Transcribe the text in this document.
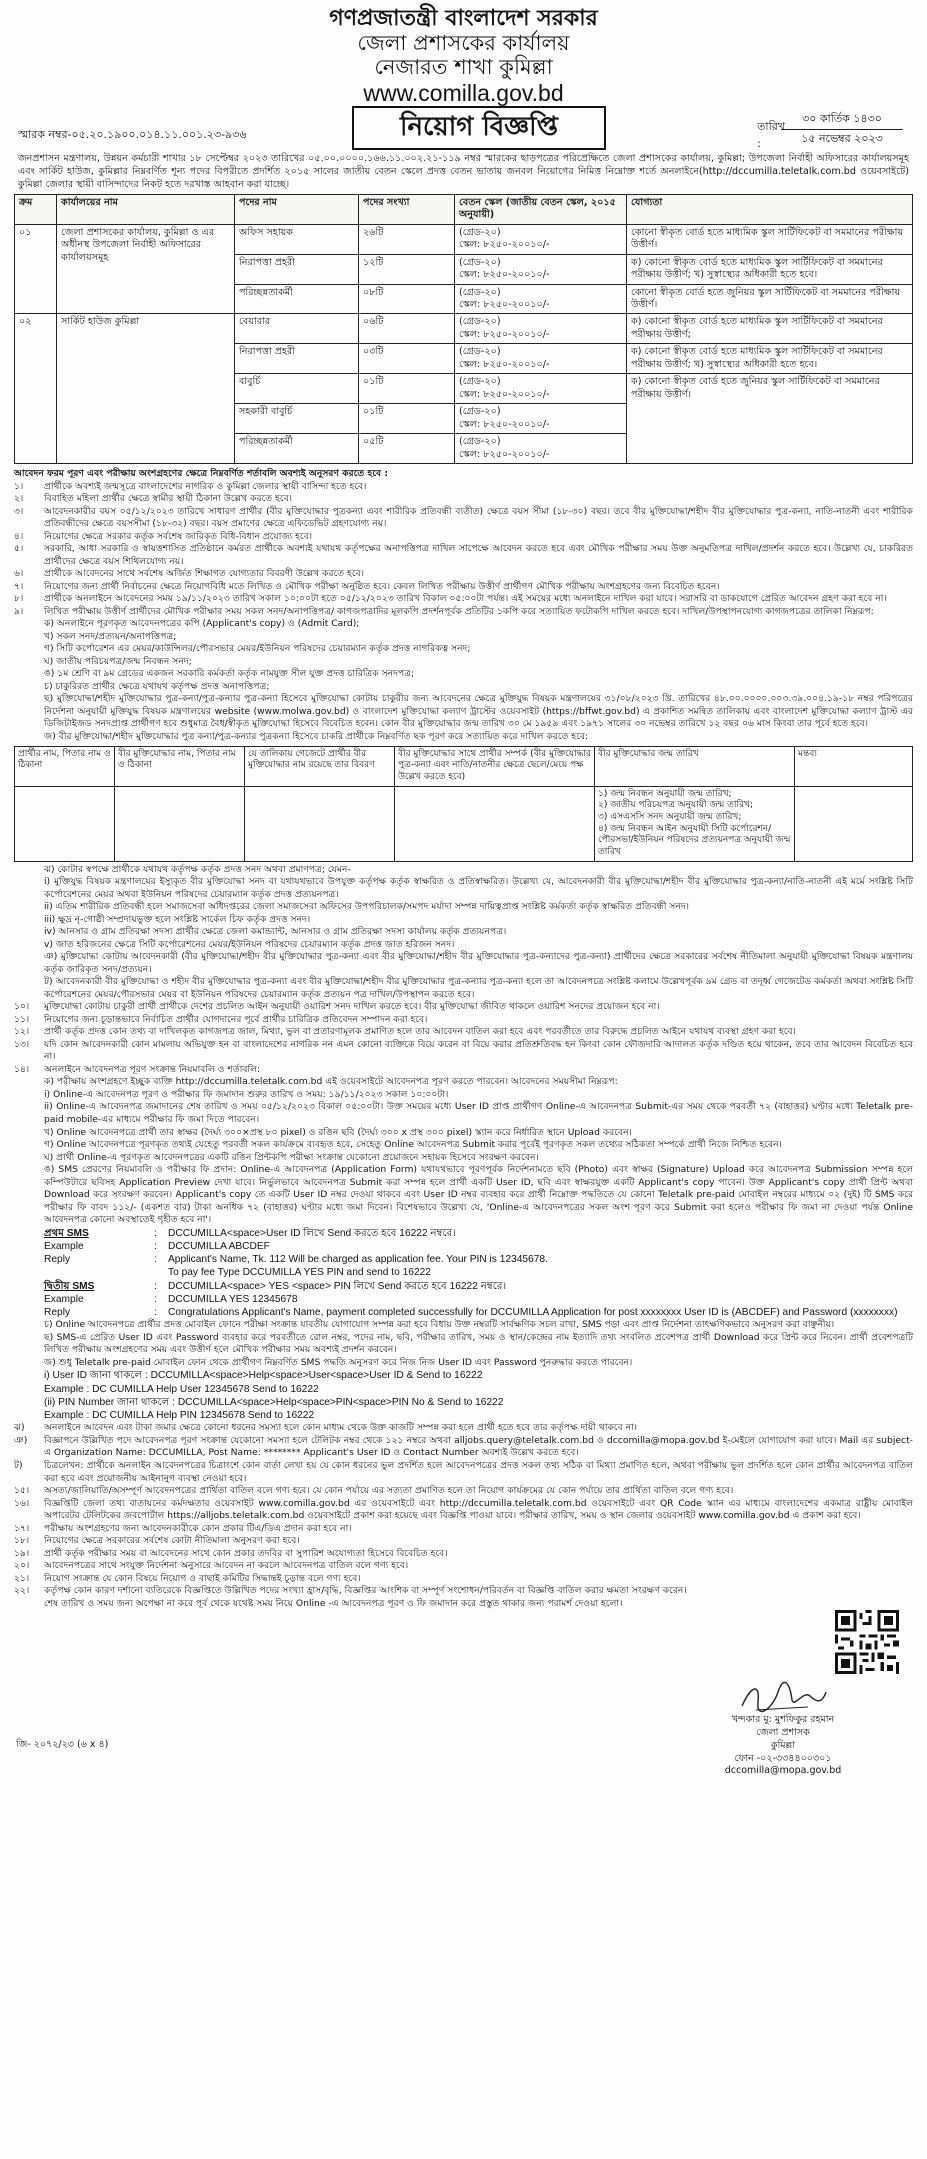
গণপ্রজাতন্ত্রী বাংলাদেশ সরকার
জেলা প্রশাসকের কার্যালয়
নেজারত শাখা কুমিল্লা
www.comilla.gov.bd
স্মারক নম্বর-০৫.২০.১৯০০.০১৪.১১.০০১.২৩-৯৩৬	নিয়োগ বিজ্ঞপ্তি	তারিখ :
৩০ কার্তিক ১৪৩০
১৫ নভেম্বর ২০২৩
জনপ্রশাসন মন্ত্রণালয়, উন্নয়ন কর্মচারী শাখার ১৮ সেপ্টেম্বর ২০২৩ তারিখের ০৫.০০.০০০০.১৬৬.১১.০০২.২১-১১৯ নম্বর স্মারকের ছাড়পত্রের পরিপ্রেক্ষিতে জেলা প্রশাসকের কার্যালয়, কুমিল্লা; উপজেলা নির্বাহী অফিসারের কার্যালয়সমূহ এবং সার্কিট হাউজ, কুমিল্লার নিম্নবর্ণিত শূন্য পদের বিপরীতে প্রদর্শিত ২০১৫ সালের জাতীয় বেতন স্কেলে প্রদত্ত বেতন ভাতায় জনবল নিয়োগের নিমিত্ত নিম্নোক্ত শর্তে অনলাইনে(http://dccumilla.teletalk.com.bd ওয়েবসাইটে) কুমিল্লা জেলার স্থায়ী বাসিন্দাদের নিকট হতে দরখাস্ত আহবান করা যাচ্ছে।
ক্রম	কার্যালয়ের নাম	পদের নাম	পদের সংখ্যা	বেতন স্কেল (জাতীয় বেতন স্কেল, ২০১৫ অনুযায়ী)	যোগ্যতা
০১	জেলা প্রশাসকের কার্যালয়, কুমিল্লা ও এর অধীনস্থ উপজেলা নির্বাহী অফিসারের কার্যালয়সমূহ	অফিস সহায়ক	২৬টি	(গ্রেড-২০)
স্কেল: ৮২৫০-২০০১০/-	কোনো স্বীকৃত বোর্ড হতে মাধ্যমিক স্কুল সার্টিফিকেট বা সমমানের পরীক্ষায় উত্তীর্ণ।
		নিরাপত্তা প্রহরী	১২টি	(গ্রেড-২০)
স্কেল: ৮২৫০-২০০১০/-	ক) কোনো স্বীকৃত বোর্ড হতে মাধ্যমিক স্কুল সার্টিফিকেট বা সমমানের পরীক্ষায় উত্তীর্ণ; খ) সুস্বাস্থ্যের অধিকারী হতে হবে।
		পরিচ্ছন্নতাকর্মী	০৮টি	(গ্রেড-২০)
স্কেল: ৮২৫০-২০০১০/-	কোনো স্বীকৃত বোর্ড হতে জুনিয়র স্কুল সার্টিফিকেট বা সমমানের পরীক্ষায় উত্তীর্ণ।
০২	সার্কিট হাউজ কুমিল্লা	বেয়ারার	০৬টি	(গ্রেড-২০)
স্কেল: ৮২৫০-২০০১০/-	ক) কোনো স্বীকৃত বোর্ড হতে মাধ্যমিক স্কুল সার্টিফিকেট বা সমমানের পরীক্ষায় উত্তীর্ণ;
		নিরাপত্তা প্রহরী	০৩টি	(গ্রেড-২০)
স্কেল: ৮২৫০-২০০১০/-	ক) কোনো স্বীকৃত বোর্ড হতে মাধ্যমিক স্কুল সার্টিফিকেট বা সমমানের পরীক্ষায় উত্তীর্ণ; খ) সুস্বাস্থ্যের অধিকারী হতে হবে।
		বাবুর্চি	০১টি	(গ্রেড-২০)
স্কেল: ৮২৫০-২০০১০/-	ক) কোনো স্বীকৃত বোর্ড হতে জুনিয়র স্কুল সার্টিফিকেট বা সমমানের পরীক্ষায় উত্তীর্ণ।
		সহকারী বাবুর্চি	০১টি	(গ্রেড-২০)
স্কেল: ৮২৫০-২০০১০/-	

		পরিচ্ছন্নতাকর্মী	০৫টি	(গ্রেড-২০)
স্কেল: ৮২৫০-২০০১০/-	
আবেদন ফরম পূরণ এবং পরীক্ষায় অংশগ্রহণের ক্ষেত্রে নিম্নবর্ণিত শর্তাবলি অবশ্যই অনুসরণ করতে হবে :
১।	প্রার্থীকে অবশ্যই জন্মসূত্রে বাংলাদেশের নাগরিক ও কুমিল্লা জেলার স্থায়ী বাসিন্দা হতে হবে।
২।	বিবাহিত মহিলা প্রার্থীর ক্ষেত্রে স্বামীর স্থায়ী ঠিকানা উল্লেখ করতে হবে।
৩।	আবেদনকারীর বয়স ০৫/১২/২০২৩ তারিখে সাধারণ প্রার্থীর (বীর মুক্তিযোদ্ধার পুত্রকন্যা এবং শারীরিক প্রতিবন্ধী ব্যতীত) ক্ষেত্রে বয়স সীমা (১৮-৩০) বছর। তবে বীর মুক্তিযোদ্ধা/শহীদ বীর মুক্তিযোদ্ধার পুত্র-কন্যা, নাতি-নাতনী এবং শারীরিক প্রতিবন্ধীদের ক্ষেত্রে বয়সসীমা (১৮-৩২) বছর। বয়স প্রমাণের ক্ষেত্রে এফিডেভিট গ্রহণযোগ্য নয়।
৪।	নিয়োগের ক্ষেত্রে সরকার কর্তৃক সর্বশেষ জারিকৃত বিধি-বিধান প্রযোজ্য হবে।
৫।	সরকারি, আধা সরকারি ও স্বায়ত্তশাসিত প্রতিষ্ঠানে কর্মরত প্রার্থীকে অবশ্যই যথাযথ কর্তৃপক্ষের অনাপত্তিপত্র দাখিল সাপেক্ষে আবেদন করতে হবে এবং মৌখিক পরীক্ষার সময় উক্ত অনুমতিপত্র দাখিল/প্রদর্শন করতে হবে। উল্লেখ্য যে, চাকরিরত প্রার্থীদের ক্ষেত্রে বয়স শিথিলযোগ্য নয়।
৬।	প্রার্থীকে আবেদনের সাথে সর্বশেষ অর্জিত শিক্ষাগত যোগ্যতার বিবরণী উল্লেখ করতে হবে।
৭।	নিয়োগের জন্য প্রার্থী নির্বাচনের ক্ষেত্রে নিয়োগবিধি মতে লিখিত ও মৌখিক পরীক্ষা অনুষ্ঠিত হবে। কেবল লিখিত পরীক্ষায় উত্তীর্ণ প্রার্থীগণ মৌখিক পরীক্ষায় অংশগ্রহণের জন্য বিবেচিত হবেন।
৮।	প্রার্থীকে অনলাইনে আবেদনের সময় ১৯/১১/২০২৩ তারিখ সকাল ১০:০০টা হতে ০৫/১২/২০২৩ তারিখ বিকাল ০৫:০০টা পর্যন্ত। এই সময়ের মধ্যে অনলাইনে দাখিল করা যাবে। সরাসরি বা ডাকযোগে প্রেরিত আবেদন গ্রহণ করা হবে না।
৯।	লিখিত পরীক্ষায় উত্তীর্ণ প্রার্থীদের মৌখিক পরীক্ষার সময় সকল সনদ/অনাপত্তিপত্র/ কাগজপত্রাদির মূলকপি প্রদর্শনপূর্বক প্রতিটির ১কপি করে সত্যায়িত ফটোকপি দাখিল করতে হবে। দাখিল/উপস্থাপনযোগ্য কাগজপত্রের তালিকা নিম্নরূপ:
ক) অনলাইনে পূরণকৃত আবেদনপত্রের কপি (Applicant's copy) ও (Admit Card);
খ) সকল সনদ/প্রত্যয়ন/অনাপত্তিপত্র;
গ) সিটি কর্পোরেশন এর মেয়র/কাউন্সিলর/পৌরসভার মেয়র/ইউনিয়ন পরিষদের চেয়ারম্যান কর্তৃক প্রদত্ত নাগরিকত্ব সনদ;
ঘ) জাতীয় পরিচয়পত্র/জন্ম নিবন্ধন সনদ;
ঙ) ১ম শ্রেণি বা ৯ম গ্রেডের একজন সরকারি কর্মকর্তা কর্তৃক নামযুক্ত সীল যুক্ত প্রদত্ত চারিত্রিক সনদপত্র;
চ) চাকুরিরত প্রার্থীর ক্ষেত্রে যথাযথ কর্তৃপক্ষ প্রদত্ত অনাপত্তিপত্র;
ছ) মুক্তিযোদ্ধা/শহীদ মুক্তিযোদ্ধার পুত্র-কন্যা/পুত্র-কন্যার পুত্র-কন্যা হিসেবে মুক্তিযোদ্ধা কোটায় চাকুরীর জন্য আবেদনের ক্ষেত্রে মুক্তিযুদ্ধ বিষয়ক মন্ত্রণালয়ের ৩১/০৮/২০২৩ খ্রি. তারিখের ৪৮.০০.০০০০.০০৩.৩৯.০০৪.১৯-১৮ নম্বর পরিপত্রের নির্দেশনা অনুযায়ী মুক্তিযুদ্ধ বিষয়ক মন্ত্রণালয়ের website (www.molwa.gov.bd) ও বাংলাদেশ মুক্তিযোদ্ধা কল্যাণ ট্রাস্টের ওয়েবসাইট (https://bffwt.gov.bd) এ প্রকাশিত সমন্বিত তালিকায় এবং বাংলাদেশ মুক্তিযোদ্ধা কল্যাণ ট্রাস্ট এর ডিজিটাইজড সনদপ্রাপ্ত প্রার্থীগণ হবে শুধুমাত্র বৈধ/স্বীকৃত মুক্তিযোদ্ধা হিসেবে বিবেচিত হবেন। কোন বীর মুক্তিযোদ্ধার জন্ম তারিখ ৩০ মে ১৯৫৯ এবং ১৯৭১ সালের ৩০ নভেম্বর তারিখে ১২ বছর ০৬ মাস কিংবা তার পূর্বে হতে হবে।
জ) বীর মুক্তিযোদ্ধা/শহীদ মুক্তিযোদ্ধার পুত্র কন্যা/পুত্র-কন্যার পুত্রকন্যা হিসেবে চাকরি প্রার্থীকে নিম্নবর্ণিত ছক পূরণ করে সত্যায়িত করে দাখিল করতে হবে:
প্রার্থীর নাম, পিতার নাম ও ঠিকানা	বীর মুক্তিযোদ্ধার নাম, পিতার নাম ও ঠিকানা	যে তালিকায় গেজেটে প্রার্থীর বীর মুক্তিযোদ্ধার নাম রয়েছে তার বিবরণ	বীর মুক্তিযোদ্ধার সাথে প্রার্থীর সম্পর্ক (বীর মুক্তিযোদ্ধার পুত্র-কন্যা এবং নাতি/নাতনীর ক্ষেত্রে ছেলে/মেয়ে পক্ষ উল্লেখ করতে হবে)	বীর মুক্তিযোদ্ধার জন্ম তারিখ	মন্তব্য

				১) জন্ম নিবন্ধন অনুযায়ী জন্ম তারিখ;
২) জাতীয় পরিচয়পত্র অনুযায়ী জন্ম তারিখ;
৩) এসএসসি সনদ অনুযায়ী জন্ম তারিখ;
৪) জন্ম নিবন্ধন আইন অনুযায়ী সিটি কর্পোরেশন/পৌরসভা/ইউনিয়ন পরিষদের প্রত্যয়নপত্র অনুযায়ী জন্ম তারিখ	

ঝ) কোটার স্বপক্ষে প্রার্থীকে যথাযথ কর্তৃপক্ষ কর্তৃক প্রদত্ত সনদ অথবা প্রমাণপত্র; যেমন-
i) মুক্তিযুদ্ধ বিষয়ক মন্ত্রণালয়ের ইস্যুকৃত বীর মুক্তিযোদ্ধা সনদ বা যথাযথভাবে উপযুক্ত কর্তৃপক্ষ কর্তৃক স্বাক্ষরিত ও প্রতিস্বাক্ষরিত। উল্লেখ্য যে, আবেদনকারী বীর মুক্তিযোদ্ধা/শহীদ বীর মুক্তিযোদ্ধার পুত্র-কন্যা/নাতি-নাতনী এই মর্মে সংশ্লিষ্ট সিটি কর্পোরেশনের মেয়র অথবা ইউনিয়ন পরিষদের চেয়ারম্যান কর্তৃক প্রদত্ত প্রত্যয়নপত্র।
ii) এতিম শারীরিক প্রতিবন্ধী হলে সমাজসেবা অধিদপ্তরের জেলা সমাজসেবা অফিসের উপপরিচালক/সমপদ মর্যাদা সম্পন্ন দায়িত্বপ্রাপ্ত সংশ্লিষ্ট কর্মকর্তা কর্তৃক স্বাক্ষরিত প্রতিবন্ধী সনদ।
iii) ক্ষুদ্র নৃ-গোষ্ঠী সম্প্রদায়ভুক্ত হলে সংশ্লিষ্ট সার্কেল চিফ কর্তৃক প্রদত্ত সনদ।
iv) আনসার ও গ্রাম প্রতিরক্ষা সদস্য প্রার্থীর ক্ষেত্রে জেলা কমান্ড্যান্ট, আনসার ও গ্রাম প্রতিরক্ষা সদস্য কার্যালয় কর্তৃক প্রত্যয়নপত্র।
v) জাত হরিজনের ক্ষেত্রে সিটি কর্পোরেশনের মেয়র/ইউনিয়ন পরিষদের চেয়ারম্যান কর্তৃক প্রদত্ত জাত হরিজন সনদ।
ঞ) মুক্তিযোদ্ধা কোটায় আবেদনকারী (বীর মুক্তিযোদ্ধা/শহীদ বীর মুক্তিযোদ্ধার পুত্র-কন্যা এবং বীর মুক্তিযোদ্ধা/শহীদ বীর মুক্তিযোদ্ধার পুত্র-কন্যাদের পুত্র-কন্যা) প্রার্থীদের ক্ষেত্রে সরকারের সর্বশেষ নীতিমালা অনুযায়ী মুক্তিযোদ্ধা বিষয়ক মন্ত্রণালয় কর্তৃক জারিকৃত সনদ/প্রত্যয়ন।
ট) আবেদনকারী বীর মুক্তিযোদ্ধা ও শহীদ বীর মুক্তিযোদ্ধার পুত্র-কন্যা এবং বীর মুক্তিযোদ্ধা/শহীদ বীর মুক্তিযোদ্ধার পুত্র-কন্যার পুত্র-কন্যা হলে তা আবেদনপত্রে সংশ্লিষ্ট কলামে উল্লেখপূর্বক ৯ম গ্রেড বা তদূর্ধ্ব গেজেটেড কর্মকর্তা অথবা সংশ্লিষ্ট সিটি কর্পোরেশনের মেয়র/পৌরসভার মেয়র বা ইউনিয়ন পরিষদের চেয়ারম্যান কর্তৃক প্রত্যয়ন পত্র দাখিল/উপস্থাপন করতে হবে।
১০।	মুক্তিযোদ্ধা কোটায় চাকুরী প্রার্থী প্রার্থীকে দেশের প্রচলিত আইন অনুযায়ী ওয়ারিশ সনদ দাখিল করতে হবে। বীর মুক্তিযোদ্ধা জীবিত থাকলে ওয়ারিশ সনদের প্রয়োজন হবে না।
১১।	নিয়োগের জন্য চূড়ান্তভাবে নির্বাচিত প্রার্থীর যোগদানের পূর্বে প্রার্থীর চারিত্রিক প্রতিবেদন সম্পাদন করা হবে।
১২।	প্রার্থী কর্তৃক প্রদত্ত কোন তথ্য বা দাখিলকৃত কাগজপত্র জাল, মিথ্যা, ভুল বা প্রতারণামূলক প্রমাণিত হলে তার আবেদন বাতিল করা হবে এবং পরবর্তীতে তার বিরুদ্ধে প্রচলিত আইনে যথাযথ ব্যবস্থা গ্রহণ করা হবে।
১৩।	যদি কোন আবেদনকারী কোন মামলায় অভিযুক্ত হন বা বাংলাদেশের নাগরিক নন এমন কোনো ব্যক্তিকে বিয়ে করেন বা বিয়ে করার প্রতিশ্রুতিবদ্ধ হন কিংবা কোন ফৌজদারি আদালত কর্তৃক দণ্ডিত হয়ে থাকেন, তবে তার আবেদন বিবেচিত হবে না।
১৪।	অনলাইনে আবেদনপত্র পূরণ সংক্রান্ত নিয়মাবলি ও শর্তাবলি:
ক) পরীক্ষায় অংশগ্রহণে ইচ্ছুক ব্যক্তি http://dccumilla.teletalk.com.bd এই ওয়েবসাইটে আবেদনপত্র পূরণ করতে পারবেন। আবেদনের সময়সীমা নিম্নরূপ:
i) Online-এ আবেদনপত্র পূরণ ও পরীক্ষার ফি জমাদান শুরুর তারিখ ও সময়: ১৯/১১/২০২৩ সকাল ১০:০০টা।
ii) Online-এ আবেদনপত্র জমাদানের শেষ তারিখ ও সময় ০৫/১২/২০২৩ বিকাল ০৫:০০টা। উক্ত সময়ের মধ্যে User ID প্রাপ্ত প্রার্থীগণ Online-এ আবেদনপত্র Submit-এর সময় থেকে পরবর্তী ৭২ (বাহাত্তর) ঘণ্টার মধ্যে Teletalk pre-paid mobile-এর মাধ্যমে পরীক্ষার ফি জমা দিতে পারবেন।
খ) Online আবেদনপত্রে প্রার্থী তার স্বাক্ষর (দৈর্ঘ্য ৩০০×প্রস্থ ৮০ pixel) ও রঙিন ছবি (দৈর্ঘ্য ৩০০ x প্রস্থ ৩০০ pixel) স্ক্যান করে নির্ধারিত স্থানে Upload করবেন।
গ) Online আবেদনপত্রে পূরণকৃত তথ্যই যেহেতু পরবর্তী সকল কার্যক্রমে ব্যবহৃত হবে, সেহেতু Online আবেদনপত্র Submit করার পূর্বেই পূরণকৃত সকল তথ্যের সঠিকতা সম্পর্কে প্রার্থী নিজে নিশ্চিত হবেন।
ঘ) প্রার্থী Online-এ পূরণকৃত আবেদনপত্রের একটি রঙিন প্রিন্টকপি পরীক্ষা সংক্রান্ত যেকোনো প্রয়োজনে সহায়ক হিসেবে সংরক্ষণ করবেন।
ঙ) SMS প্রেরণের নিয়মাবলি ও পরীক্ষার ফি প্রদান: Online-এ আবেদনপত্র (Application Form) যথাযথভাবে পূরণপূর্বক নির্দেশনামতে ছবি (Photo) এবং স্বাক্ষর (Signature) Upload করে আবেদনপত্র Submission সম্পন্ন হলে কম্পিউটারে ছবিসহ Application Preview দেখা যাবে। নির্ভুলভাবে আবেদনপত্র Submit করা সম্পন্ন হলে প্রার্থী একটি User ID, ছবি এবং স্বাক্ষরযুক্ত একটি Applicant's copy পাবেন। উক্ত Applicant's copy প্রার্থী প্রিন্ট অথবা Download করে সংরক্ষণ করবেন। Applicant's copy তে একটি User ID নম্বর দেওয়া থাকবে এবং User ID নম্বর ব্যবহার করে প্রার্থী নিম্নোক্ত পদ্ধতিতে যে কোনো Teletalk pre-paid মোবাইল নম্বরের মাধ্যমে ০২ (দুই) টি SMS করে পরীক্ষার ফি বাবদ ১১২/- (একশত বার) টাকা অনধিক ৭২ (বাহাত্তর) ঘণ্টার মধ্যে জমা দিবেন। বিশেষভাবে উল্লেখ্য যে, 'Online-এ আবেদনপত্রের সকল অংশ পূরণ করে Submit করা হলেও পরীক্ষার ফি জমা না দেওয়া পর্যন্ত Online আবেদনপত্র কোনো অবস্থাতেই গৃহীত হবে না'।
প্রথম SMS	:	DCCUMILLA<space>User ID লিখে Send করতে হবে 16222 নম্বরে।
Example	:	DCCUMILLA ABCDEF
Reply	:	Applicant's Name, Tk. 112 Will be charged as application fee. Your PIN is 12345678.
To pay fee Type DCCUMILLA YES PIN and send to 16222
দ্বিতীয় SMS	:	DCCUMILLA<space> YES <space> PIN লিখে Send করতে হবে 16222 নম্বরে।
Example	:	DCCUMILLA YES 12345678
Reply	:	Congratulations Applicant's Name, payment completed successfully for DCCUMILLA Application for post xxxxxxxx User ID is (ABCDEF) and Password (xxxxxxxx)
চ) Online আবেদনপত্রে প্রার্থীর প্রদত্ত মোবাইল ফোনে পরীক্ষা সংক্রান্ত যাবতীয় যোগাযোগ সম্পন্ন করা হবে বিধায় উক্ত নম্বরটি সার্বক্ষণিক সচল রাখা, SMS পড়া এবং প্রাপ্ত নির্দেশনা তাৎক্ষণিকভাবে অনুসরণ করা বাঞ্ছনীয়।
ছ) SMS-এ প্রেরিত User ID এবং Password ব্যবহার করে পরবর্তীতে রোল নম্বর, পদের নাম, ছবি, পরীক্ষার তারিখ, সময় ও স্থান/কেন্দ্রের নাম ইত্যাদি তথ্য সংবলিত প্রবেশপত্র প্রার্থী Download করে প্রিন্ট করে নিবেন। প্রার্থী প্রবেশপত্রটি লিখিত পরীক্ষায় অংশগ্রহণের সময় এবং উত্তীর্ণ হলে মৌখিক পরীক্ষার সময় অবশ্যই প্রদর্শন করবেন।
জ) শুধু Teletalk pre-paid মোবাইল ফোন থেকে প্রার্থীগণ নিম্নবর্ণিত SMS পদ্ধতি অনুসরণ করে নিজ নিজ User ID এবং Password পুনরুদ্ধার করতে পারবেন।
i) User ID জানা থাকলে : DCCUMILLA<space>Help<space>User<space>User ID & Send to 16222
Example : DC CUMILLA Help User 12345678 Send to 16222
(ii) PIN Number জানা থাকলে : DCCUMILLA<space>Help<space>PIN<space>PIN No & Send to 16222
Example : DC CUMILLA Help PIN 12345678 Send to 16222
ঝ)	অনলাইনে আবেদন এবং টাকা জমার ক্ষেত্রে কোনো ধরনের সমস্যা হলে কোন মাধ্যম থেকে উক্ত কাজটি সম্পন্ন করা হলে প্রার্থী হতে হবে তার কর্তৃপক্ষ দায়ী থাকবে না।
ঞ)	বিজ্ঞাপনে উল্লিখিত পদে আবেদনপত্র পূরণ সংক্রান্ত যেকোনো সমস্যা হলে টেলিটক নম্বর থেকে ১২১ নম্বরে অথবা alljobs.query@teletalk.com.bd ও dccomilla@mopa.gov.bd ই-মেইলে যোগাযোগ করা যাবে। Mail এর subject- এ Organization Name: DCCUMILLA, Post Name: ******** Applicant's User ID ও Contact Number অবশ্যই উল্লেখ করতে হবে।
ট)	চিত্রলেখন: প্রার্থীকে অনলাইন আবেদনপত্রের চিত্রাংশে কোন বার্তা লেখা হয় যে কোন ধরনের ভুল প্রদর্শিত হলে আবেদনপত্রের প্রদত্ত সকল তথ্য সঠিক বা মিথ্যা প্রমাণিত হলে, অথবা পরীক্ষায় ভুল প্রদর্শিত হলে কোন প্রার্থীর আবেদনপত্র বাতিল করা হবে এবং প্রয়োজনীয় আইনানুগ ব্যবস্থা নেওয়া হবে।
১৫।	অসত্য/জালিয়াতি/অসম্পূর্ণ আবেদনপত্রের প্রার্থিতা বাতিল বলে গণ্য হবে। যে কোন পর্যায়ে এর সত্যতা প্রমাণিত হলে তা নিয়োগ কার্যক্রমের যে কোন পর্যায়ে তার প্রার্থিতা বাতিল বলে গণ্য হবে।
১৬।	বিজ্ঞপ্তিটি জেলা তথ্য বাতায়নের কর্মদক্ষতার ওয়েবসাইট www.comilla.gov.bd এর ওয়েবসাইটে এবং http://dccumilla.teletalk.com.bd ওয়েবসাইটে এবং QR Code স্ক্যান এর মাধ্যমে বাংলাদেশের একমাত্র রাষ্ট্রীয় মোবাইল অপারেটর টেলিটকের জবপোর্টাল https://alljobs.teletalk.com.bd ওয়েবসাইটে প্রকাশ করা হয়েছে এবং বিজ্ঞপ্তি পাওয়া যাবে। পরীক্ষার তারিখ, সময় ও স্থান জেলার ওয়েবসাইট www.comilla.gov.bd এ প্রকাশ করা হবে।
১৭।	পরীক্ষায় অংশগ্রহণের জন্য আবেদনকারীকে কোন প্রকার টিএ/ডিএ প্রদান করা হবে না।
১৮।	নিয়োগের ক্ষেত্রে সরকারের সর্বশেষ কোটা নীতিমালা অনুসরণ করা হবে।
১৯।	প্রার্থী কর্তৃক পরীক্ষার সময় বা আবেদনের সাথে কোন প্রকার তদবির বা সুপারিশ অযোগ্যতা হিসেবে বিবেচিত হবে।
২০।	আবেদনপত্রের সাথে সংযুক্ত নির্দেশনা অনুসারে আবেদন না করলে আবেদনপত্র বাতিল বলে গণ্য হবে।
২১।	নিয়োগ সংক্রান্ত যে কোন বিষয়ে নিয়োগ ও বাছাই কমিটির সিদ্ধান্তই চূড়ান্ত বলে গণ্য হবে।
২২।	কর্তৃপক্ষ কোন কারণ দর্শানো ব্যতিরেকে বিজ্ঞপ্তিতে উল্লিখিত পদের সংখ্যা হ্রাস/বৃদ্ধি, বিজ্ঞপ্তির আংশিক বা সম্পূর্ণ সংশোধন/পরিবর্তন বা বিজ্ঞপ্তি বাতিল করার ক্ষমতা সংরক্ষণ করেন।
শেষ তারিখ ও সময় জন্য অপেক্ষা না করে পূর্ব থেকে যথেষ্ট সময় নিয়ে Online -এ আবেদনপত্র পূরণ ও ফি জমাদান করে প্রস্তুত থাকার জন্য পরামর্শ দেওয়া হলো।
খন্দকার মু: মুশফিকুর রহমান
জেলা প্রশাসক
কুমিল্লা
ফোন -০২-৩৩৪৪০০৩০১
dccomilla@mopa.gov.bd
জি- ২০৭২/২৩ (৬ x ৪)
